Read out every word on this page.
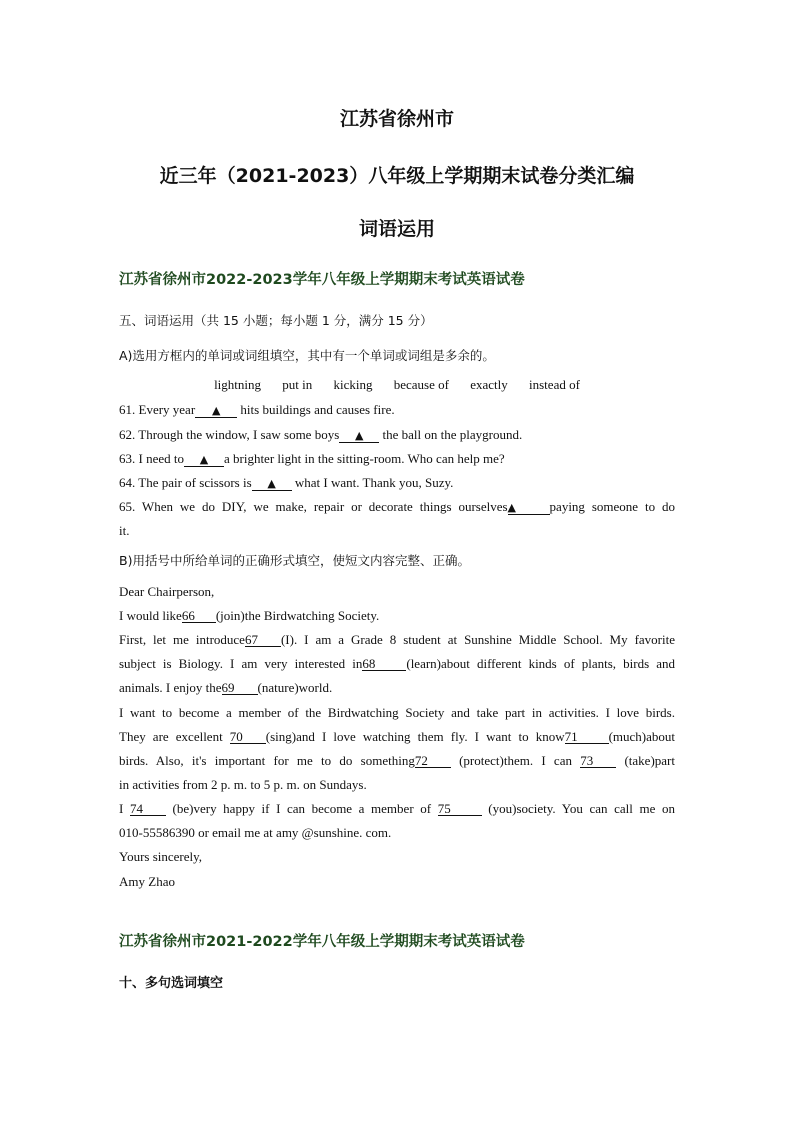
江苏省徐州市
近三年（2021-2023）八年级上学期期末试卷分类汇编
词语运用
江苏省徐州市2022-2023学年八年级上学期期末考试英语试卷
五、词语运用（共 15 小题；每小题 1 分，满分 15 分）
A)选用方框内的单词或词组填空，其中有一个单词或词组是多余的。
lightning put in kicking because of exactly instead of
61. Every year ▲ hits buildings and causes fire.
62. Through the window, I saw some boys ▲ the ball on the playground.
63. I need to ▲ a brighter light in the sitting-room. Who can help me?
64. The pair of scissors is ▲ what I want. Thank you, Suzy.
65. When we do DIY, we make, repair or decorate things ourselves▲	paying someone to do
it.
B)用括号中所给单词的正确形式填空，使短文内容完整、正确。
Dear Chairperson,
I would like66 (join)the Birdwatching Society.
First, let me introduce67 (I). I am a Grade 8 student at Sunshine Middle School. My favorite
subject is Biology. I am very interested in68 (learn)about different kinds of plants, birds and
animals. I enjoy the69 (nature)world.
I want to become a member of the Birdwatching Society and take part in activities. I love birds.
They are excellent 70 (sing)and I love watching them fly. I want to know71 (much)about
birds. Also, it's important for me to do something72 (protect)them. I can 73 (take)part
in activities from 2 p. m. to 5 p. m. on Sundays.
I 74 (be)very happy if I can become a member of 75 (you)society. You can call me on
010-55586390 or email me at amy @sunshine. com.
Yours sincerely,
Amy Zhao
江苏省徐州市2021-2022学年八年级上学期期末考试英语试卷
十、多句选词填空
